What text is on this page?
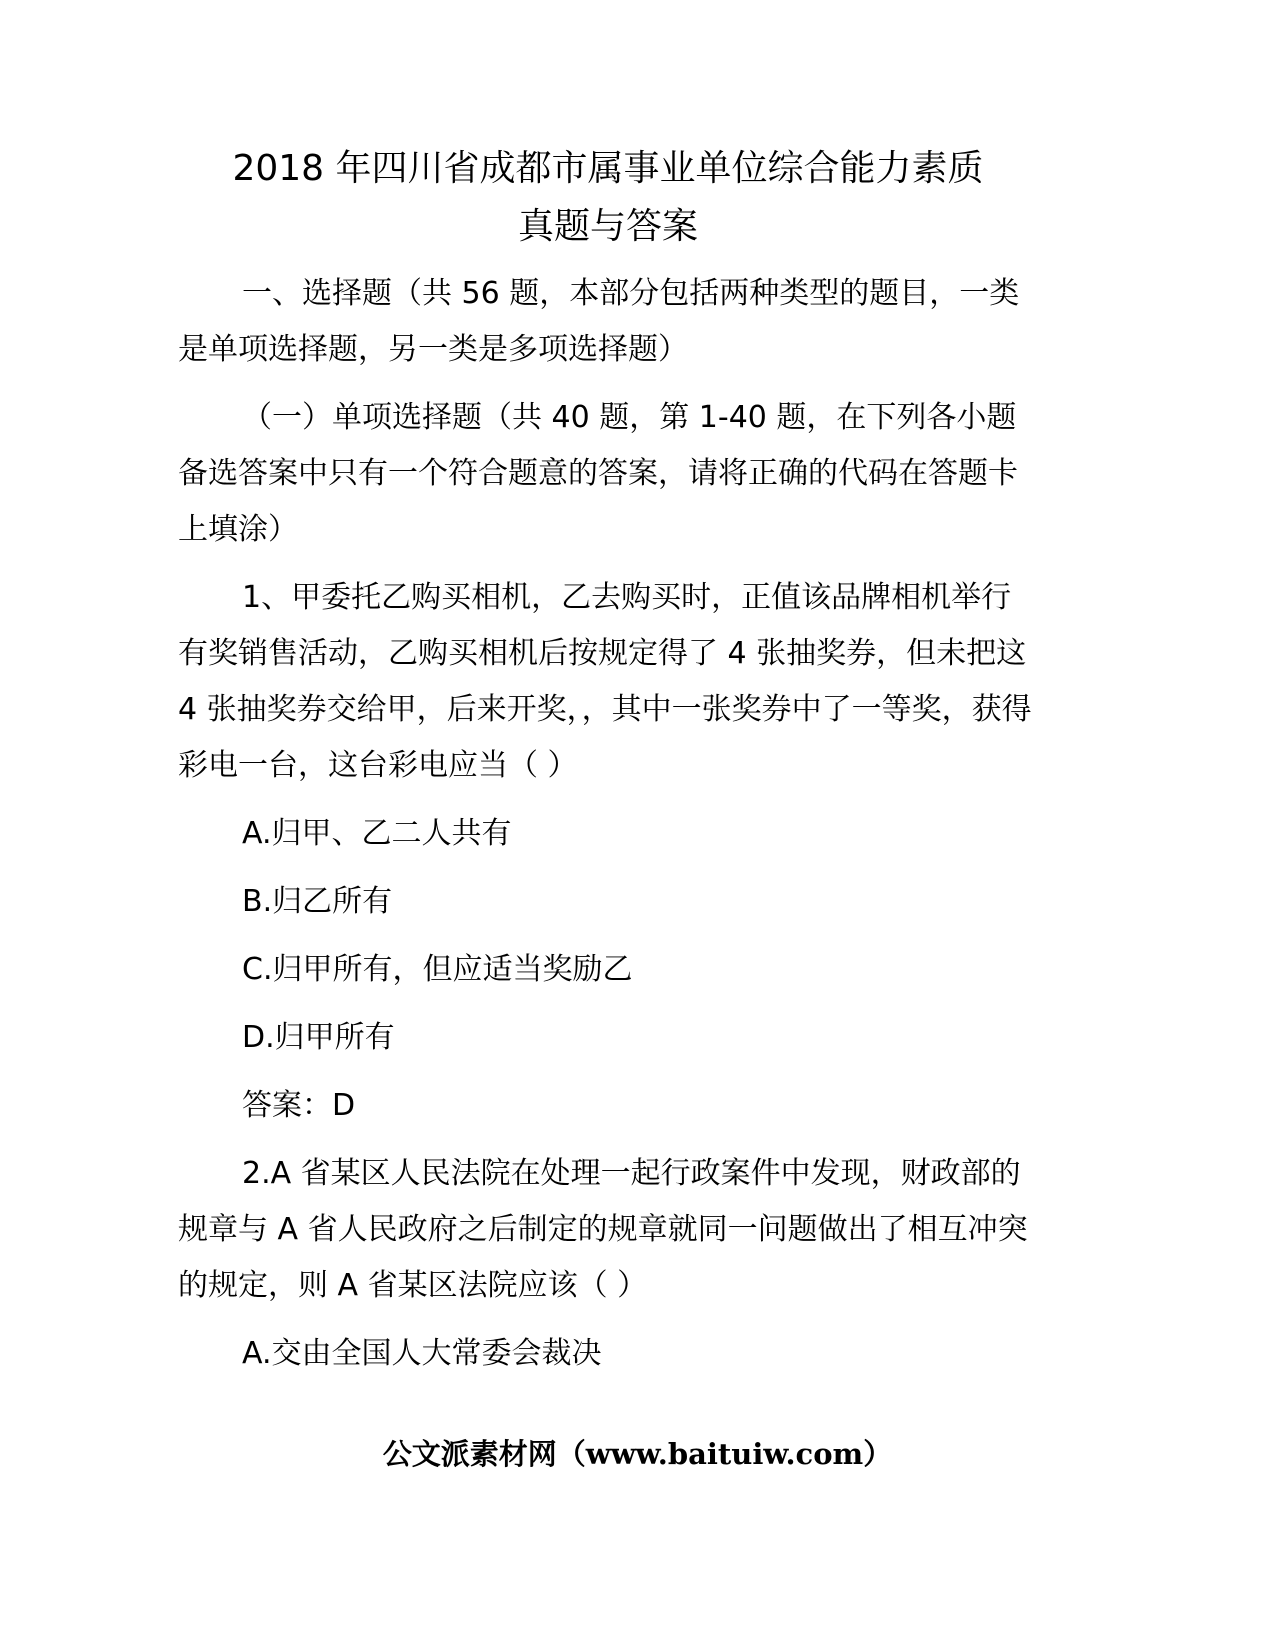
2018 年四川省成都市属事业单位综合能力素质
真题与答案

一、选择题（共 56 题，本部分包括两种类型的题目，一类是单项选择题，另一类是多项选择题）

（一）单项选择题（共 40 题，第 1-40 题，在下列各小题备选答案中只有一个符合题意的答案，请将正确的代码在答题卡上填涂）

1、甲委托乙购买相机，乙去购买时，正值该品牌相机举行有奖销售活动，乙购买相机后按规定得了 4 张抽奖券，但未把这 4 张抽奖券交给甲，后来开奖，，其中一张奖券中了一等奖，获得彩电一台，这台彩电应当（ ）

A.归甲、乙二人共有

B.归乙所有

C.归甲所有，但应适当奖励乙

D.归甲所有

答案：D

2.A 省某区人民法院在处理一起行政案件中发现，财政部的规章与 A 省人民政府之后制定的规章就同一问题做出了相互冲突的规定，则 A 省某区法院应该（ ）

A.交由全国人大常委会裁决

公文派素材网（www.baituiw.com）
